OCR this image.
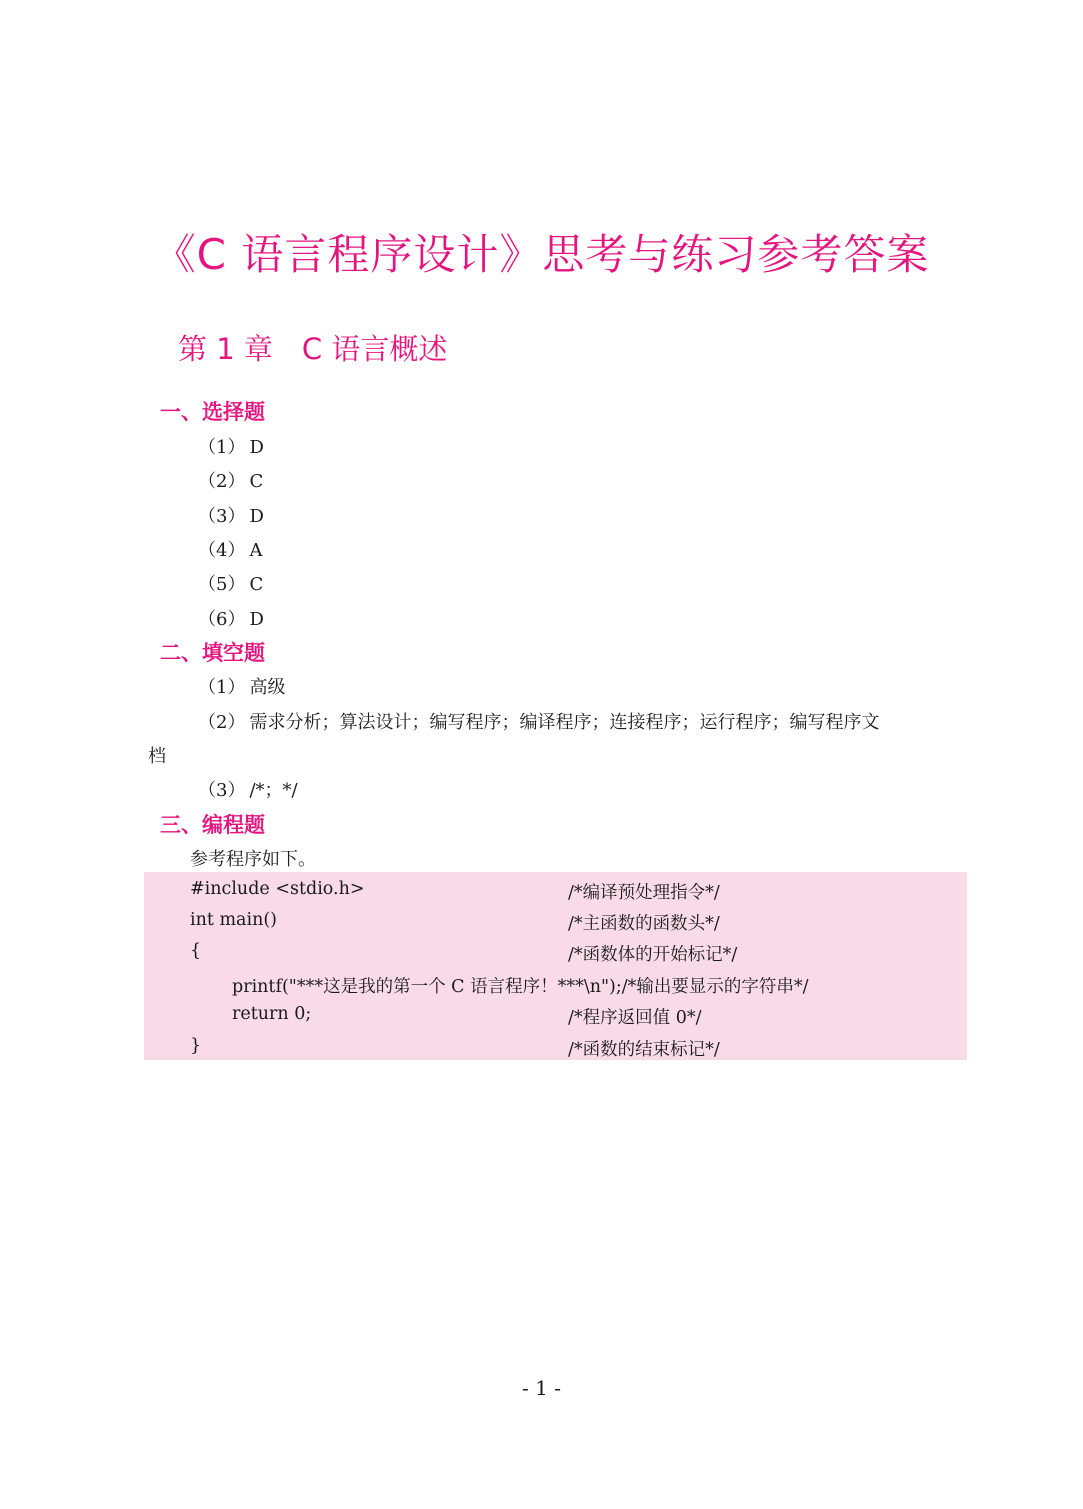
《C 语言程序设计》思考与练习参考答案
第 1 章　C 语言概述
一、选择题
（1） D
（2） C
（3） D
（4） A
（5） C
（6） D
二、填空题
（1） 高级
（2） 需求分析；算法设计；编写程序；编译程序；连接程序；运行程序；编写程序文
档
（3） /*；*/
三、编程题
参考程序如下。
#include <stdio.h>	/*编译预处理指令*/
int main()	/*主函数的函数头*/
{	/*函数体的开始标记*/
printf("***这是我的第一个 C 语言程序！***\n");/*输出要显示的字符串*/
return 0;	/*程序返回值 0*/
}	/*函数的结束标记*/
- 1 -
